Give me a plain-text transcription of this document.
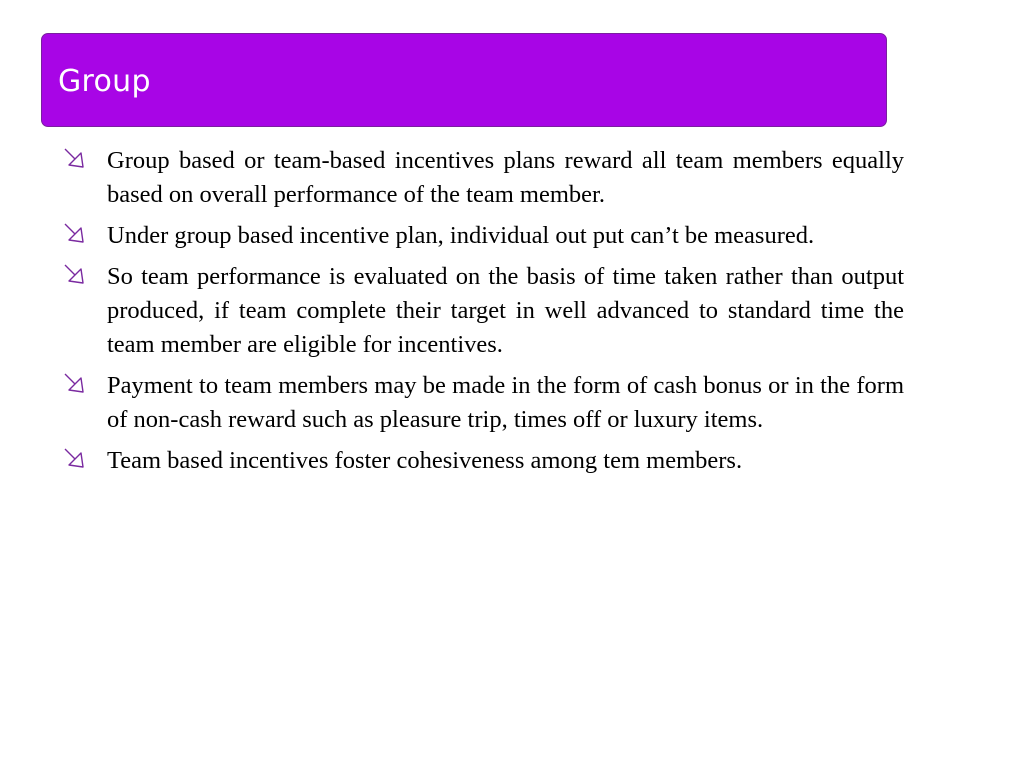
Group
Group based or team-based incentives plans reward all team members equally based on overall performance of the team member.
Under group based incentive plan, individual out put can’t be measured.
So team performance is evaluated on the basis of time taken rather than output produced, if team complete their target in well advanced to standard time the team member are eligible for incentives.
Payment to team members may be made in the form of cash bonus or in the form of non-cash reward such as pleasure trip, times off or luxury items.
Team based incentives foster cohesiveness among tem members.
